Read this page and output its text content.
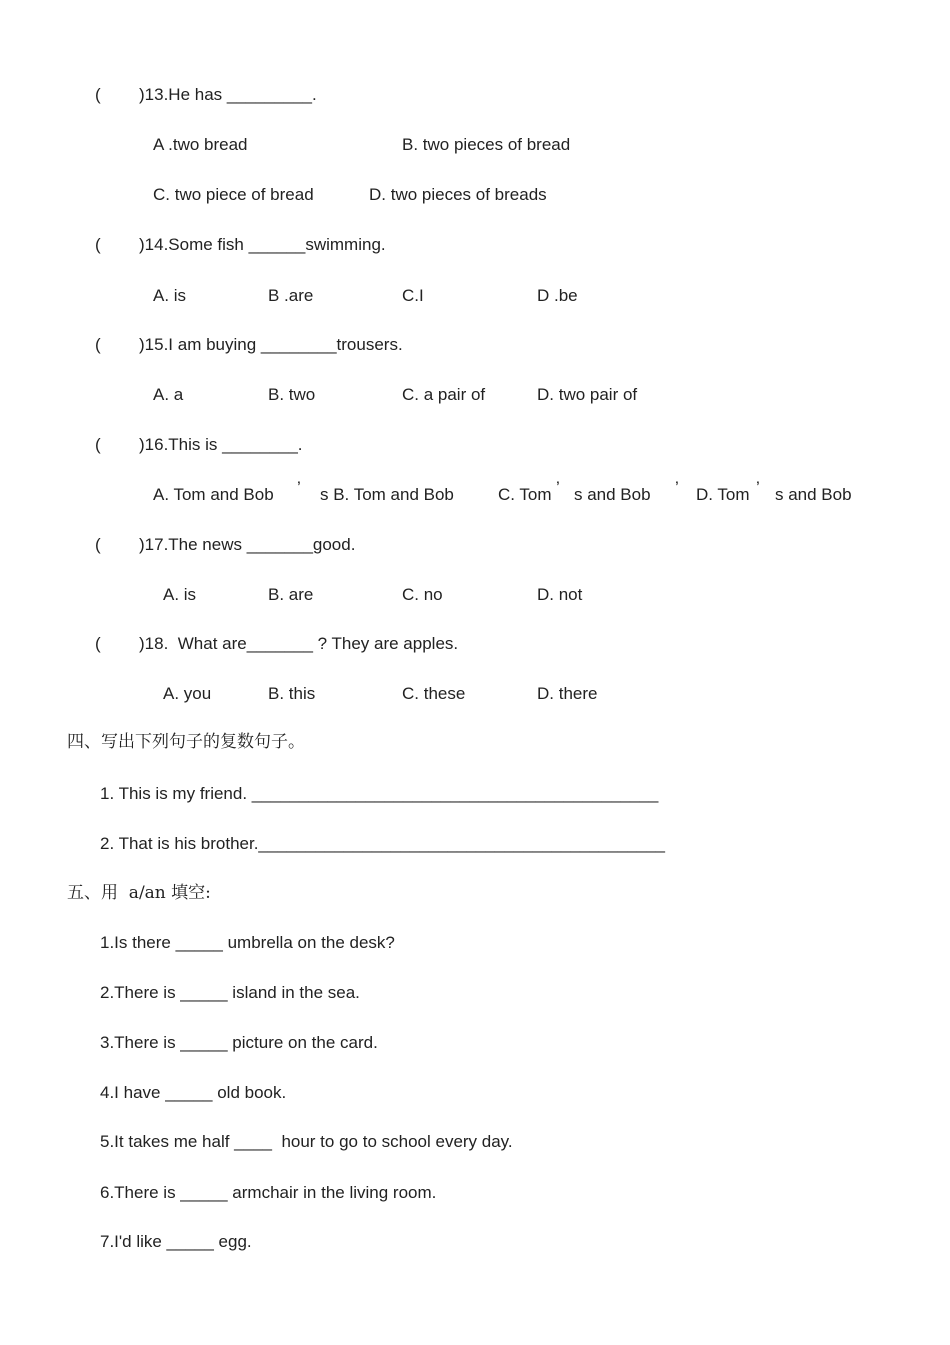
( )13.He has _________.
A .two bread	B. two pieces of bread
C. two piece of bread	D. two pieces of breads
( )14.Some fish ______swimming.
A. is	B .are	C.I	D .be
( )15.I am buying ________trousers.
A. a	B. two	C. a pair of	D. two pair of
( )16.This is ________.
A. Tom and Bob ’ s B. Tom and Bob	C. Tom ’ s and Bob ’ D. Tom ’ s and Bob
( )17.The news _______good.
A. is	B. are	C. no	D. not
( )18.  What are_______ ? They are apples.
A. you	B. this	C. these	D. there
四、写出下列句子的复数句子。
1. This is my friend. ___________________________________________
2. That is his brother.___________________________________________
五、用  a/an 填空:
1.Is there _____ umbrella on the desk?
2.There is _____ island in the sea.
3.There is _____ picture on the card.
4.I have _____ old book.
5.It takes me half ____  hour to go to school every day.
6.There is _____ armchair in the living room.
7.I'd like _____ egg.
